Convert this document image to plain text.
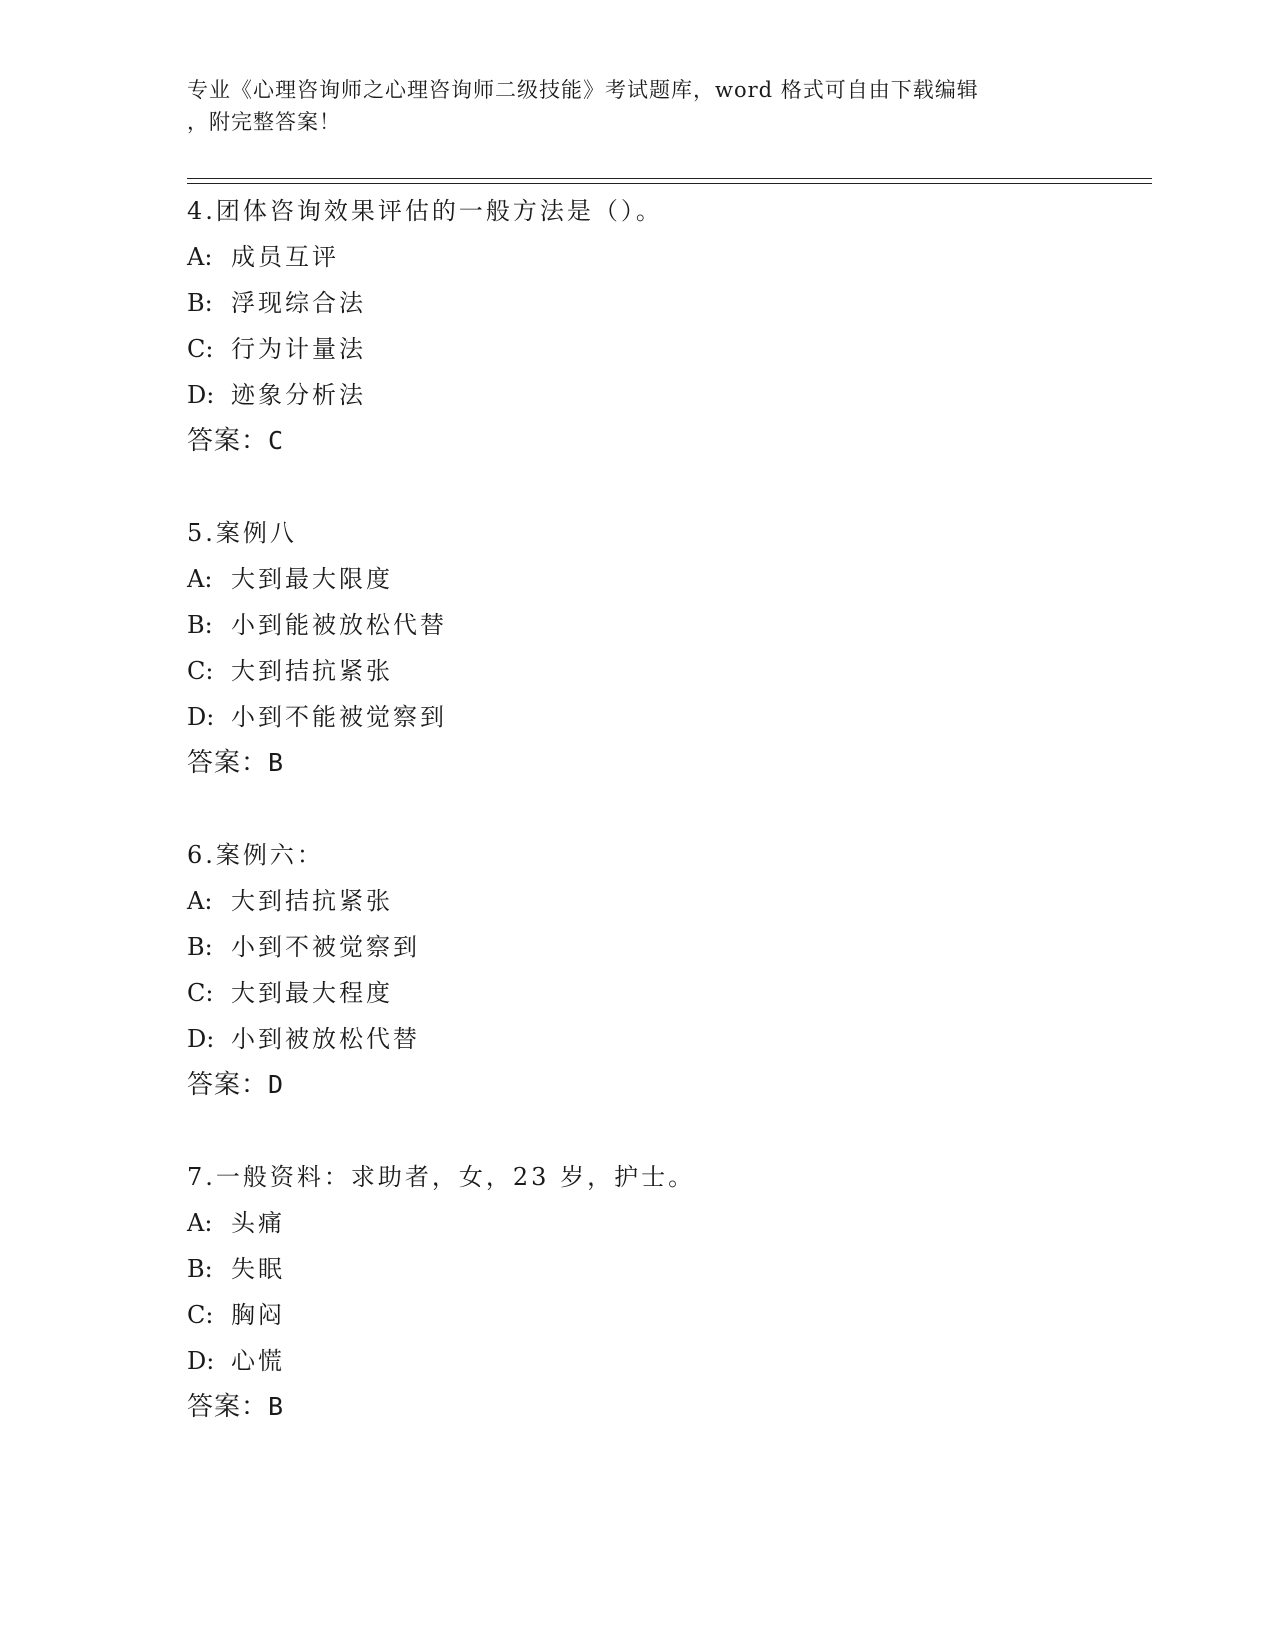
专业《心理咨询师之心理咨询师二级技能》考试题库，word 格式可自由下载编辑
，附完整答案！
4.团体咨询效果评估的一般方法是（）。
A: 成员互评
B: 浮现综合法
C: 行为计量法
D: 迹象分析法
答案：C
5.案例八
A: 大到最大限度
B: 小到能被放松代替
C: 大到拮抗紧张
D: 小到不能被觉察到
答案：B
6.案例六：
A: 大到拮抗紧张
B: 小到不被觉察到
C: 大到最大程度
D: 小到被放松代替
答案：D
7.一般资料：求助者，女，23 岁，护士。
A: 头痛
B: 失眠
C: 胸闷
D: 心慌
答案：B
